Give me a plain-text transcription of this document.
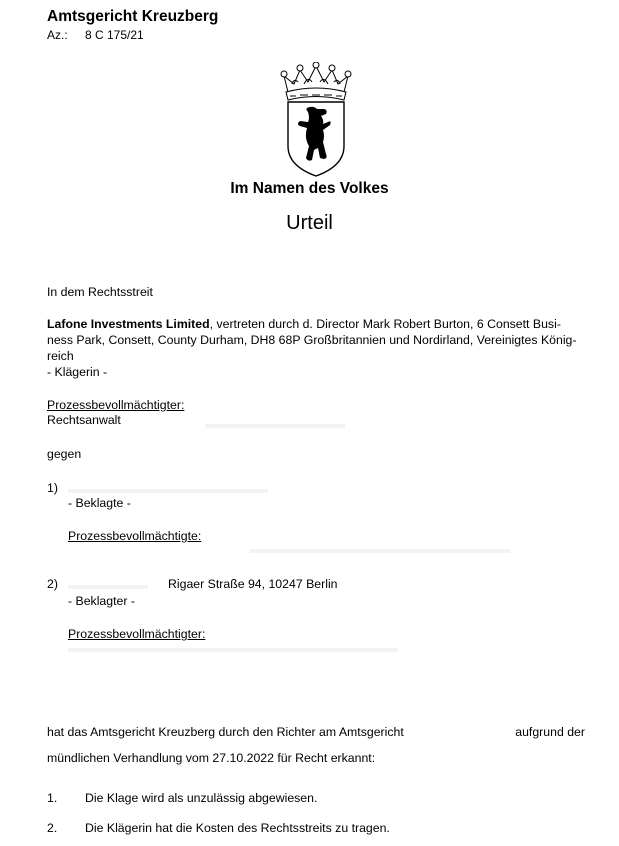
Amtsgericht Kreuzberg
Az.: 8 C 175/21
Im Namen des Volkes
Urteil
In dem Rechtsstreit
Lafone Investments Limited, vertreten durch d. Director Mark Robert Burton, 6 Consett Busi-
ness Park, Consett, County Durham, DH8 68P Großbritannien und Nordirland, Vereinigtes König-
reich
- Klägerin -
Prozessbevollmächtigter:
Rechtsanwalt
gegen
1)
- Beklagte -
Prozessbevollmächtigte:
2)	Rigaer Straße 94, 10247 Berlin
- Beklagter -
Prozessbevollmächtigter:
hat das Amtsgericht Kreuzberg durch den Richter am Amtsgericht	aufgrund der
mündlichen Verhandlung vom 27.10.2022 für Recht erkannt:
1. Die Klage wird als unzulässig abgewiesen.
2. Die Klägerin hat die Kosten des Rechtsstreits zu tragen.
